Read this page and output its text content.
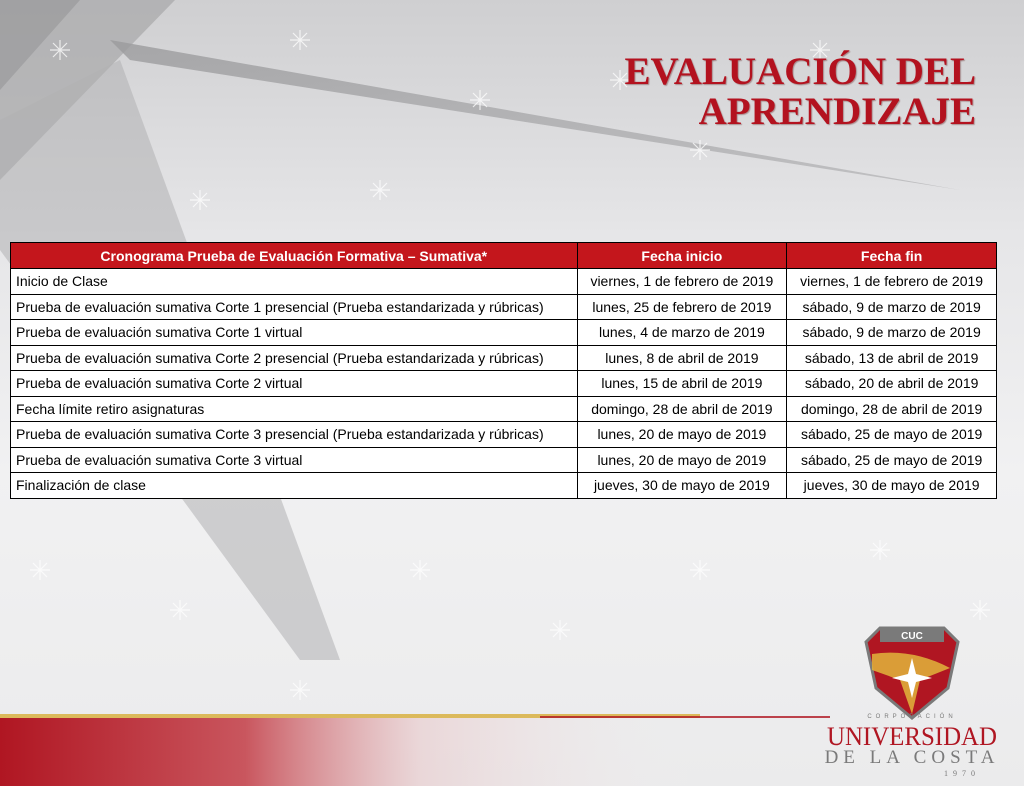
EVALUACIÓN DEL
APRENDIZAJE
Cronograma Prueba de Evaluación Formativa – Sumativa*	Fecha inicio	Fecha fin
Inicio de Clase	viernes, 1 de febrero de 2019	viernes, 1 de febrero de 2019
Prueba de evaluación sumativa Corte 1 presencial (Prueba estandarizada y rúbricas)	lunes, 25 de febrero de 2019	sábado, 9 de marzo de 2019
Prueba de evaluación sumativa Corte 1 virtual	lunes, 4 de marzo de 2019	sábado, 9 de marzo de 2019
Prueba de evaluación sumativa Corte 2 presencial (Prueba estandarizada y rúbricas)	lunes, 8 de abril de 2019	sábado, 13 de abril de 2019
Prueba de evaluación sumativa Corte 2 virtual	lunes, 15 de abril de 2019	sábado, 20 de abril de 2019
Fecha límite retiro asignaturas	domingo, 28 de abril de 2019	domingo, 28 de abril de 2019
Prueba de evaluación sumativa Corte 3 presencial (Prueba estandarizada y rúbricas)	lunes, 20 de mayo de 2019	sábado, 25 de mayo de 2019
Prueba de evaluación sumativa Corte 3 virtual	lunes, 20 de mayo de 2019	sábado, 25 de mayo de 2019
Finalización de clase	jueves, 30 de mayo de 2019	jueves, 30 de mayo de 2019
CUC
CORPORACIÓN
UNIVERSIDAD
DE LA COSTA
1970
